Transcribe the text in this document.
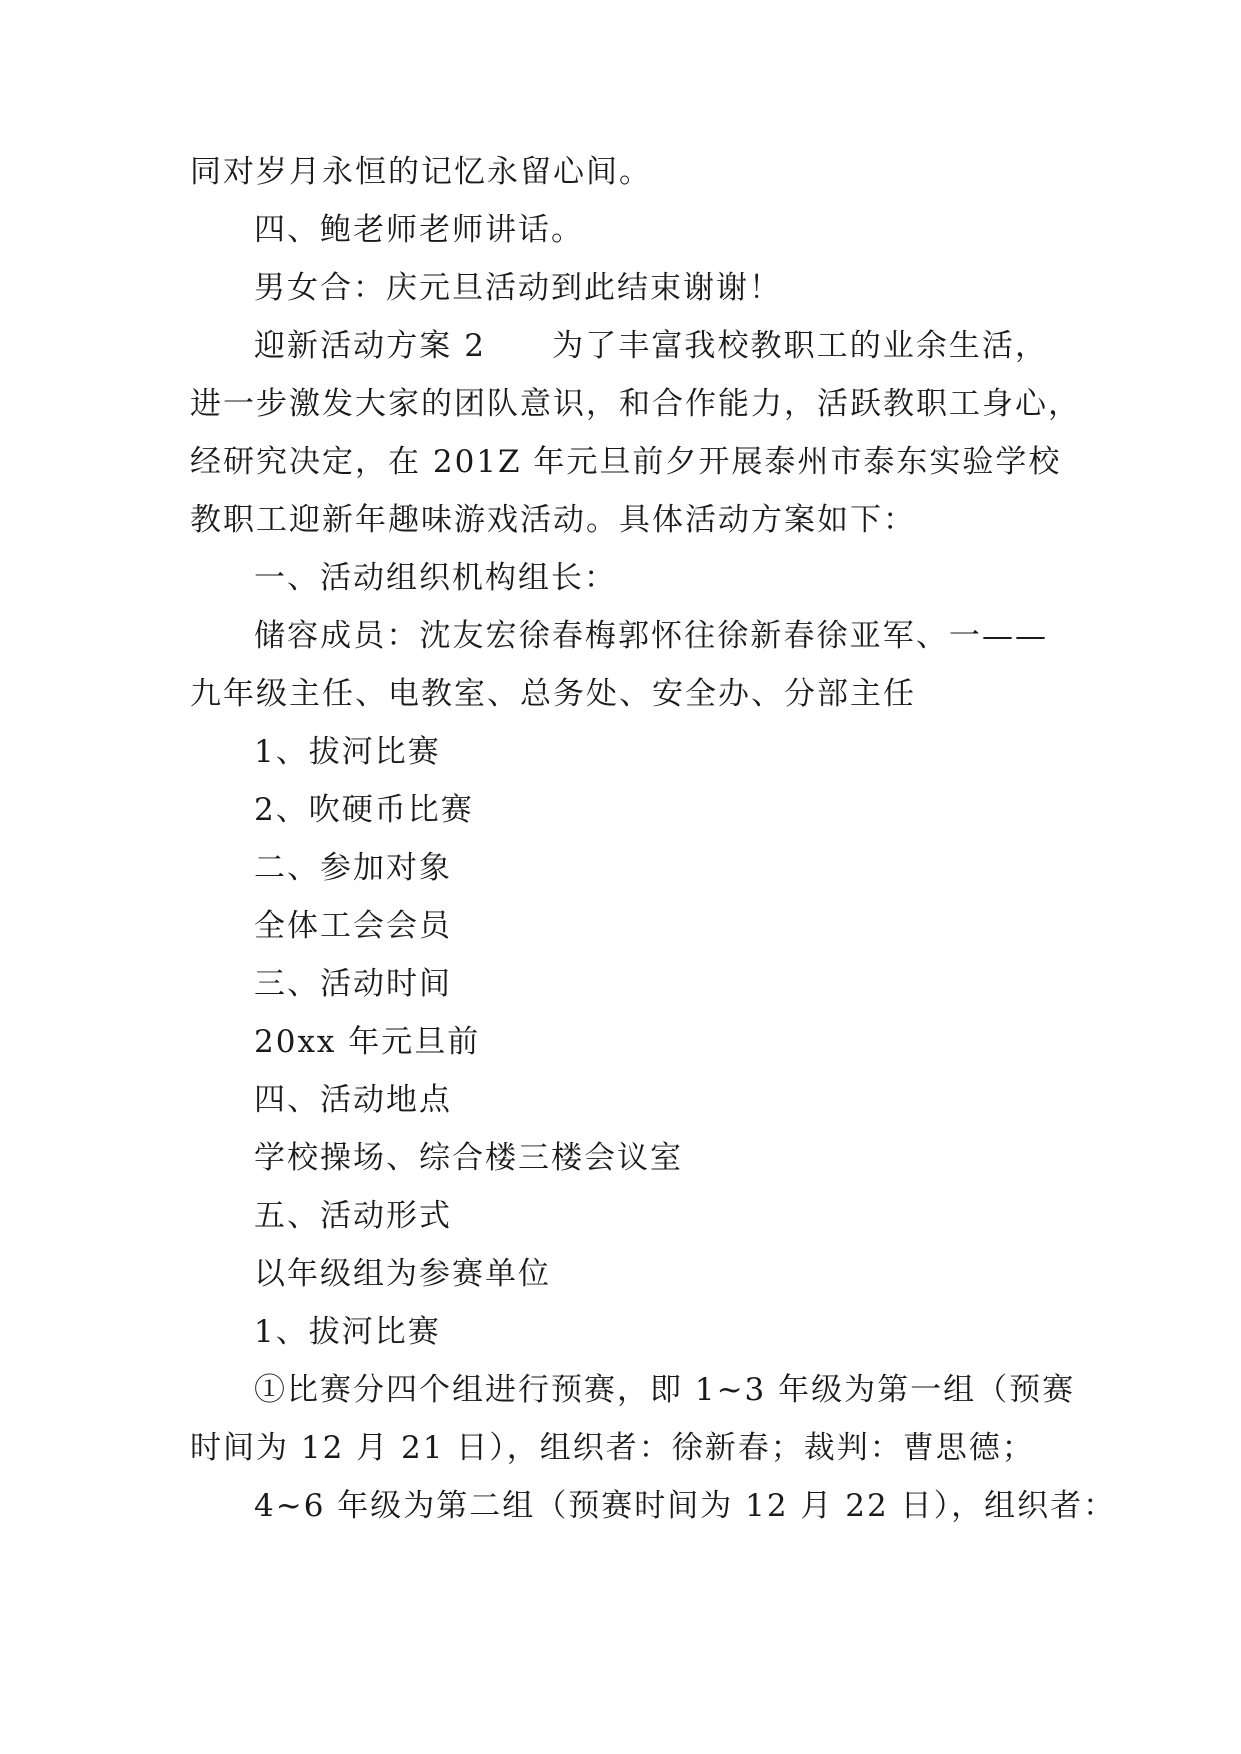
同对岁月永恒的记忆永留心间。
四、鲍老师老师讲话。
男女合：庆元旦活动到此结束谢谢！
迎新活动方案 2　　为了丰富我校教职工的业余生活，
进一步激发大家的团队意识，和合作能力，活跃教职工身心，
经研究决定，在 201Z 年元旦前夕开展泰州市泰东实验学校
教职工迎新年趣味游戏活动。具体活动方案如下：
一、活动组织机构组长：
储容成员：沈友宏徐春梅郭怀往徐新春徐亚军、一——
九年级主任、电教室、总务处、安全办、分部主任
1、拔河比赛
2、吹硬币比赛
二、参加对象
全体工会会员
三、活动时间
20xx 年元旦前
四、活动地点
学校操场、综合楼三楼会议室
五、活动形式
以年级组为参赛单位
1、拔河比赛
①比赛分四个组进行预赛，即 1~3 年级为第一组（预赛
时间为 12 月 21 日），组织者：徐新春；裁判：曹思德；
4~6 年级为第二组（预赛时间为 12 月 22 日），组织者：
